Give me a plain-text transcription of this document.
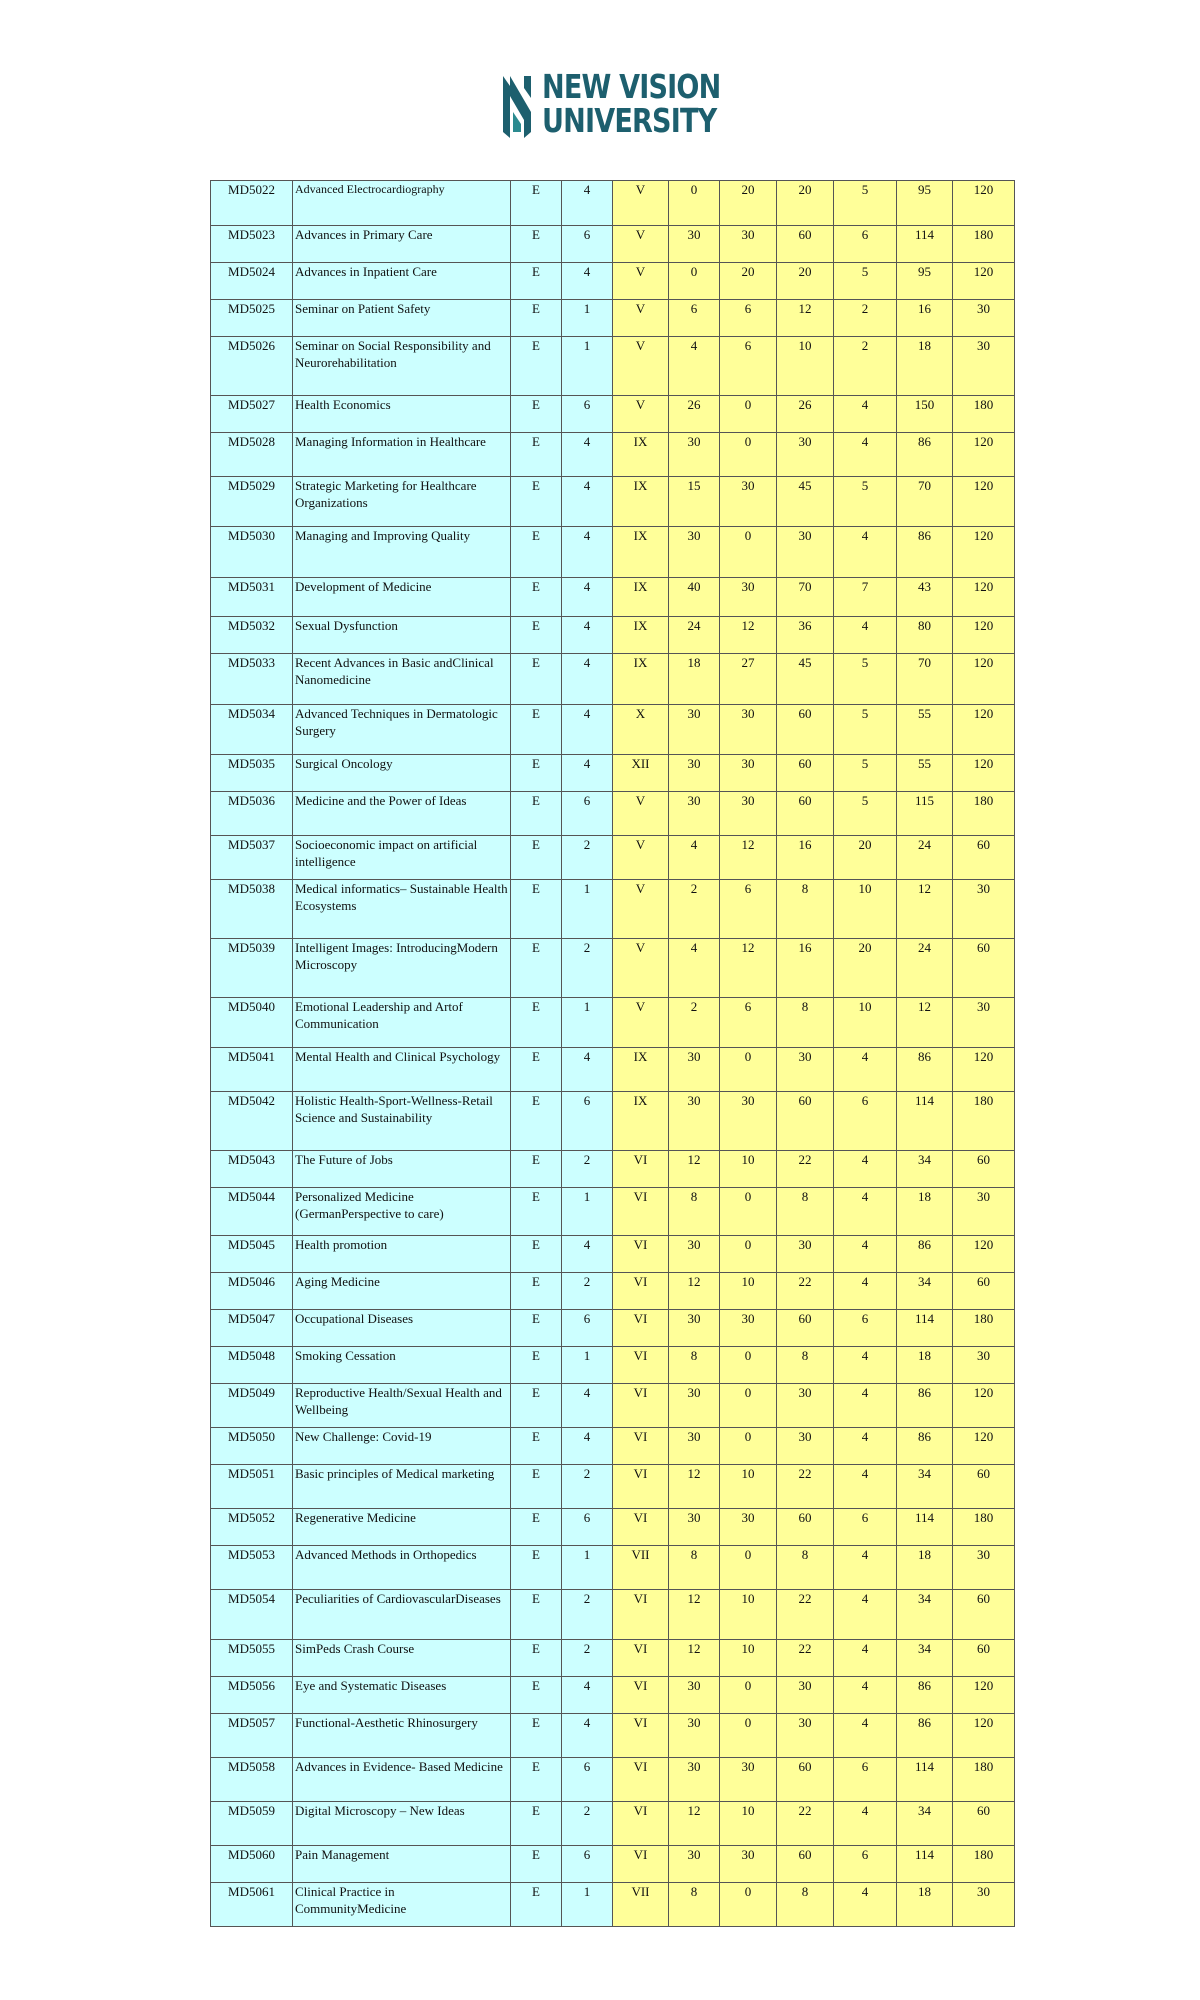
NEW VISION
UNIVERSITY
MD5022	Advanced Electrocardiography	E	4	V	0	20	20	5	95	120
MD5023	Advances in Primary Care	E	6	V	30	30	60	6	114	180
MD5024	Advances in Inpatient Care	E	4	V	0	20	20	5	95	120
MD5025	Seminar on Patient Safety	E	1	V	6	6	12	2	16	30
MD5026	Seminar on Social Responsibility and Neurorehabilitation	E	1	V	4	6	10	2	18	30
MD5027	Health Economics	E	6	V	26	0	26	4	150	180
MD5028	Managing Information in Healthcare	E	4	IX	30	0	30	4	86	120
MD5029	Strategic Marketing for Healthcare Organizations	E	4	IX	15	30	45	5	70	120
MD5030	Managing and Improving Quality	E	4	IX	30	0	30	4	86	120
MD5031	Development of Medicine	E	4	IX	40	30	70	7	43	120
MD5032	Sexual Dysfunction	E	4	IX	24	12	36	4	80	120
MD5033	Recent Advances in Basic andClinical Nanomedicine	E	4	IX	18	27	45	5	70	120
MD5034	Advanced Techniques in Dermatologic Surgery	E	4	X	30	30	60	5	55	120
MD5035	Surgical Oncology	E	4	XII	30	30	60	5	55	120
MD5036	Medicine and the Power of Ideas	E	6	V	30	30	60	5	115	180
MD5037	Socioeconomic impact on artificial intelligence	E	2	V	4	12	16	20	24	60
MD5038	Medical informatics– Sustainable Health Ecosystems	E	1	V	2	6	8	10	12	30
MD5039	Intelligent Images: IntroducingModern Microscopy	E	2	V	4	12	16	20	24	60
MD5040	Emotional Leadership and Artof Communication	E	1	V	2	6	8	10	12	30
MD5041	Mental Health and Clinical Psychology	E	4	IX	30	0	30	4	86	120
MD5042	Holistic Health-Sport-Wellness-Retail Science and Sustainability	E	6	IX	30	30	60	6	114	180
MD5043	The Future of Jobs	E	2	VI	12	10	22	4	34	60
MD5044	Personalized Medicine (GermanPerspective to care)	E	1	VI	8	0	8	4	18	30
MD5045	Health promotion	E	4	VI	30	0	30	4	86	120
MD5046	Aging Medicine	E	2	VI	12	10	22	4	34	60
MD5047	Occupational Diseases	E	6	VI	30	30	60	6	114	180
MD5048	Smoking Cessation	E	1	VI	8	0	8	4	18	30
MD5049	Reproductive Health/Sexual Health and Wellbeing	E	4	VI	30	0	30	4	86	120
MD5050	New Challenge: Covid-19	E	4	VI	30	0	30	4	86	120
MD5051	Basic principles of Medical marketing	E	2	VI	12	10	22	4	34	60
MD5052	Regenerative Medicine	E	6	VI	30	30	60	6	114	180
MD5053	Advanced Methods in Orthopedics	E	1	VII	8	0	8	4	18	30
MD5054	Peculiarities of CardiovascularDiseases	E	2	VI	12	10	22	4	34	60
MD5055	SimPeds Crash Course	E	2	VI	12	10	22	4	34	60
MD5056	Eye and Systematic Diseases	E	4	VI	30	0	30	4	86	120
MD5057	Functional-Aesthetic Rhinosurgery	E	4	VI	30	0	30	4	86	120
MD5058	Advances in Evidence- Based Medicine	E	6	VI	30	30	60	6	114	180
MD5059	Digital Microscopy – New Ideas	E	2	VI	12	10	22	4	34	60
MD5060	Pain Management	E	6	VI	30	30	60	6	114	180
MD5061	Clinical Practice in CommunityMedicine	E	1	VII	8	0	8	4	18	30
